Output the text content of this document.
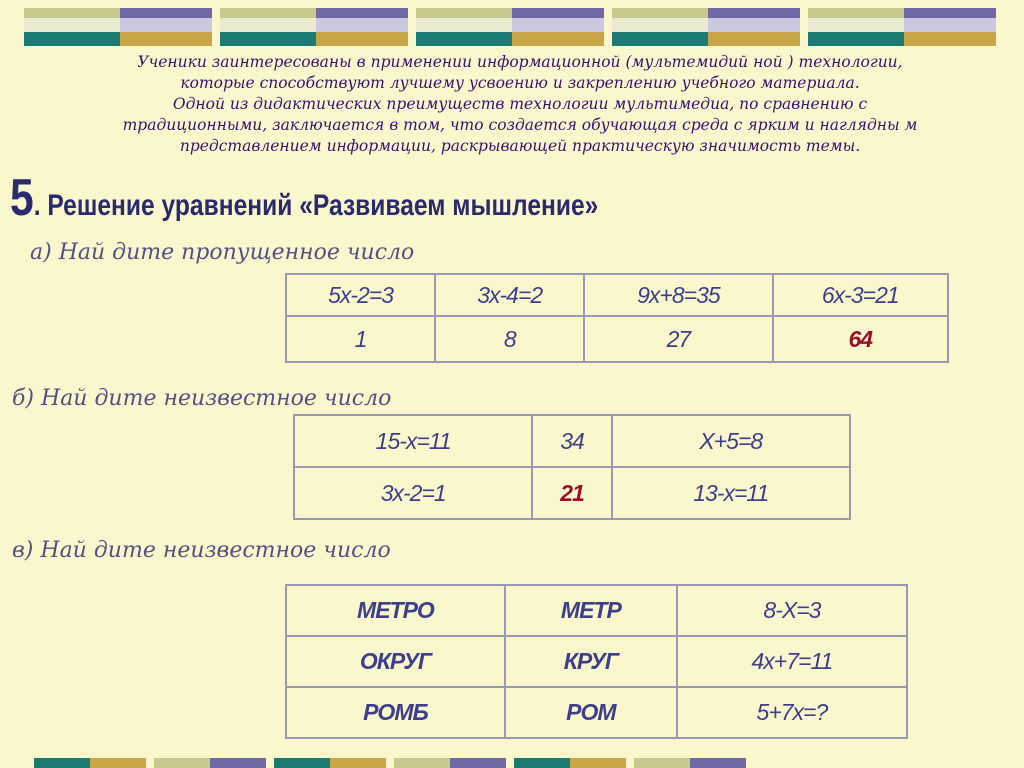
Ученики заинтересованы в применении информационной (мультемидий ной ) технологии,

которые способствуют лучшему усвоению и закреплению учебного материала.

Одной из дидактических преимуществ технологии мультимедиа, по сравнению с

традиционными, заключается в том, что создается обучающая среда с ярким и наглядны м

представлением информации, раскрывающей практическую значимость темы.

5. Решение уравнений «Развиваем мышление»
а) Най дите пропущенное число
5х-2=3	3х-4=2	9х+8=35	6х-3=21
1	8	27	64
б) Най дите неизвестное число
15-х=11	34	Х+5=8
3х-2=1	21	13-х=11
в) Най дите неизвестное число
МЕТРО	МЕТР	8-Х=3
ОКРУГ	КРУГ	4х+7=11
РОМБ	РОМ	5+7х=?
